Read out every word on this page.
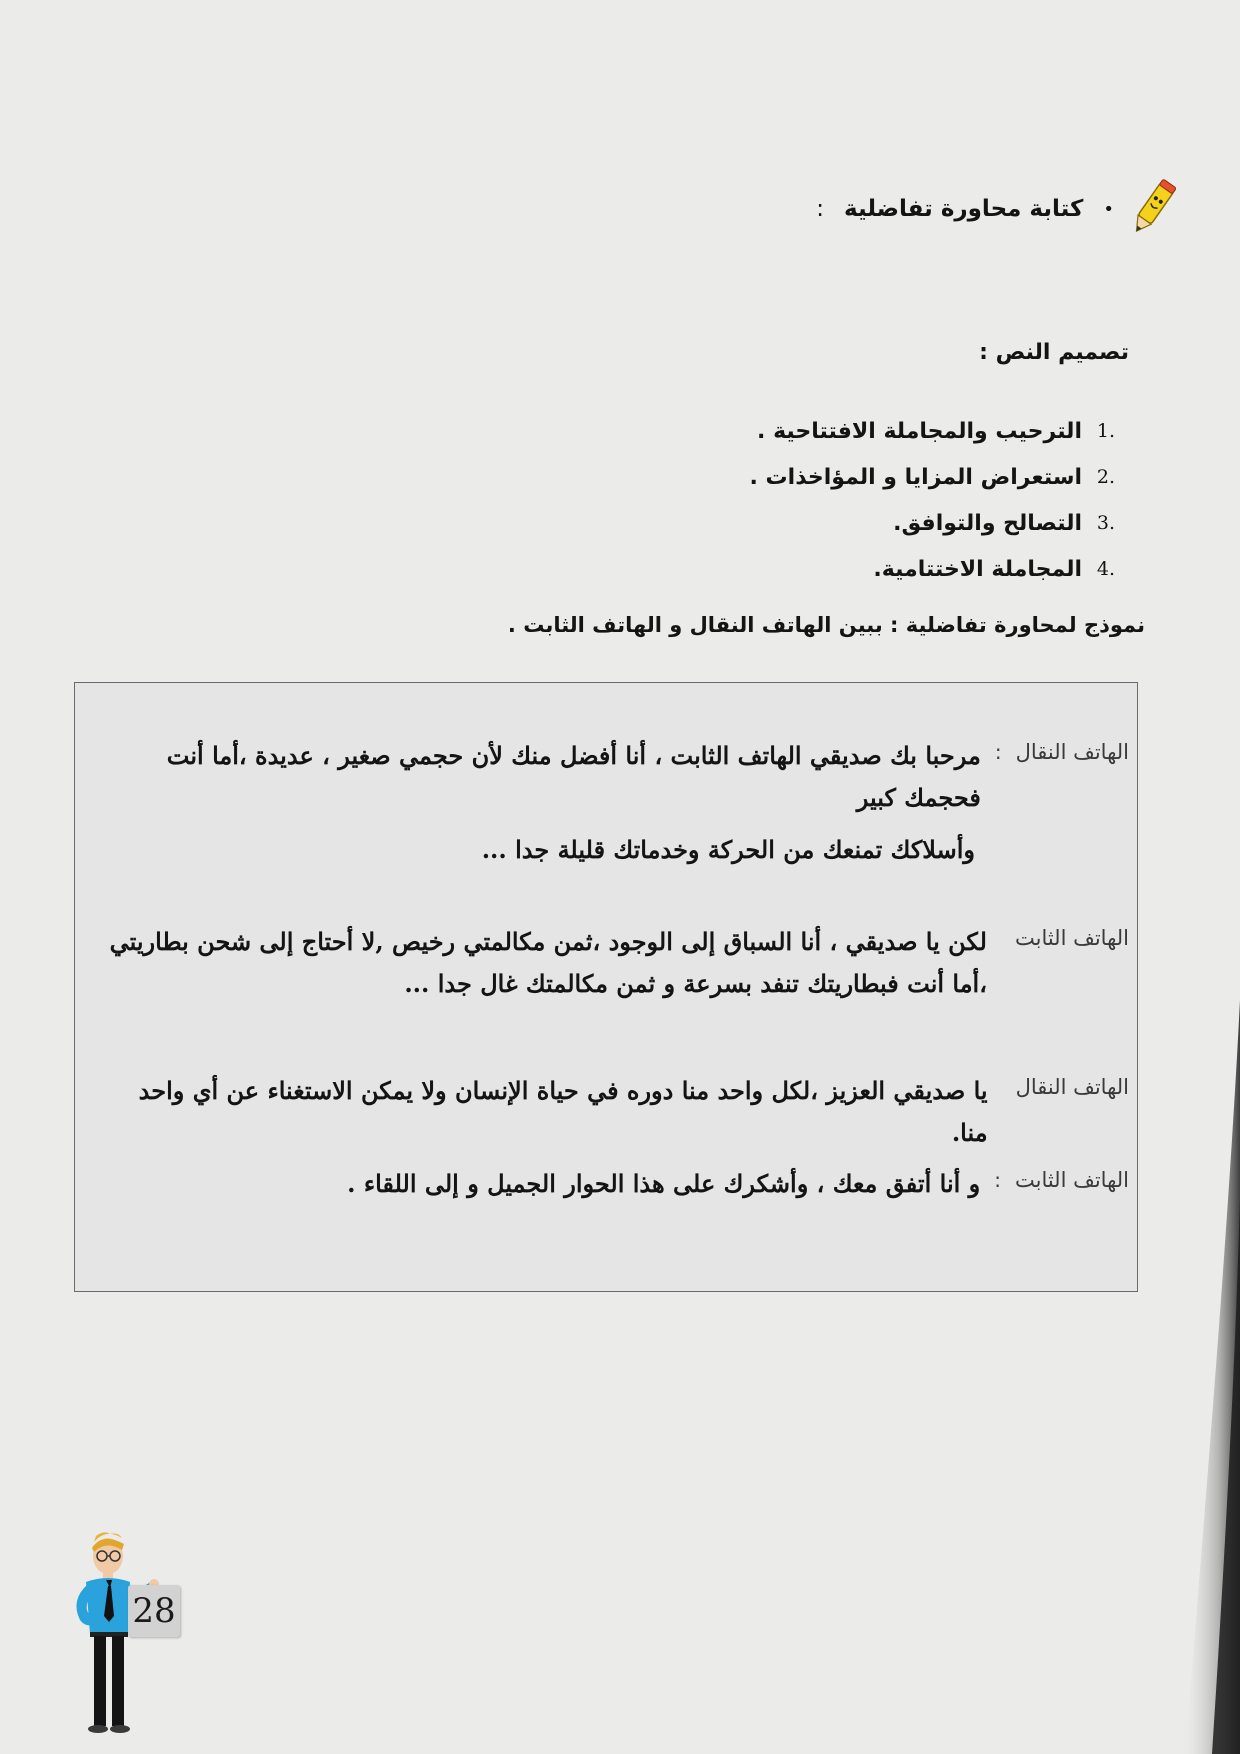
•
كتابة محاورة تفاضلية :
تصميم النص :
.1
الترحيب والمجاملة الافتتاحية .
.2
استعراض المزايا و المؤاخذات .
.3
التصالح والتوافق.
.4
المجاملة الاختتامية.
نموذج لمحاورة تفاضلية : ببين الهاتف النقال و الهاتف الثابت .
الهاتف النقال
:
مرحبا بك صديقي الهاتف الثابت ، أنا أفضل منك لأن حجمي صغير ، عديدة ،أما أنت فحجمك كبير
وأسلاكك تمنعك من الحركة وخدماتك قليلة جدا ...
الهاتف الثابت
لكن يا صديقي ، أنا السباق إلى الوجود ،ثمن مكالمتي رخيص ,لا أحتاج إلى شحن بطاريتي ،أما أنت فبطاريتك تنفد بسرعة و ثمن مكالمتك غال جدا ...
الهاتف النقال
يا صديقي العزيز ،لكل واحد منا دوره في حياة الإنسان ولا يمكن الاستغناء عن أي واحد منا.
الهاتف الثابت
:
و أنا أتفق معك ، وأشكرك على هذا الحوار الجميل و إلى اللقاء .
28
